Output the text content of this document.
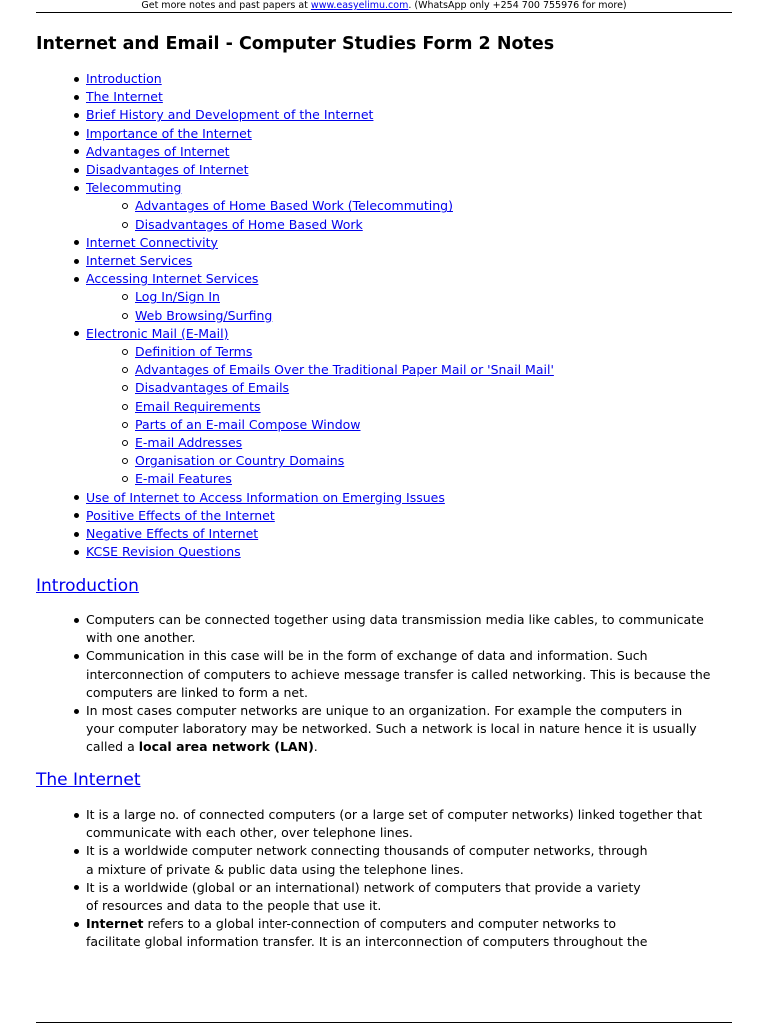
Get more notes and past papers at www.easyelimu.com. (WhatsApp only +254 700 755976 for more)
Internet and Email - Computer Studies Form 2 Notes
Introduction
The Internet
Brief History and Development of the Internet
Importance of the Internet
Advantages of Internet
Disadvantages of Internet
Telecommuting
Advantages of Home Based Work (Telecommuting)
Disadvantages of Home Based Work
Internet Connectivity
Internet Services
Accessing Internet Services
Log In/Sign In
Web Browsing/Surfing
Electronic Mail (E-Mail)
Definition of Terms
Advantages of Emails Over the Traditional Paper Mail or 'Snail Mail'
Disadvantages of Emails
Email Requirements
Parts of an E-mail Compose Window
E-mail Addresses
Organisation or Country Domains
E-mail Features
Use of Internet to Access Information on Emerging Issues
Positive Effects of the Internet
Negative Effects of Internet
KCSE Revision Questions
Introduction
Computers can be connected together using data transmission media like cables, to communicate
with one another.
Communication in this case will be in the form of exchange of data and information. Such
interconnection of computers to achieve message transfer is called networking. This is because the
computers are linked to form a net.
In most cases computer networks are unique to an organization. For example the computers in
your computer laboratory may be networked. Such a network is local in nature hence it is usually
called a local area network (LAN).
The Internet
It is a large no. of connected computers (or a large set of computer networks) linked together that
communicate with each other, over telephone lines.
It is a worldwide computer network connecting thousands of computer networks, through
a mixture of private & public data using the telephone lines.
It is a worldwide (global or an international) network of computers that provide a variety
of resources and data to the people that use it.
Internet refers to a global inter-connection of computers and computer networks to
facilitate global information transfer. It is an interconnection of computers throughout the
